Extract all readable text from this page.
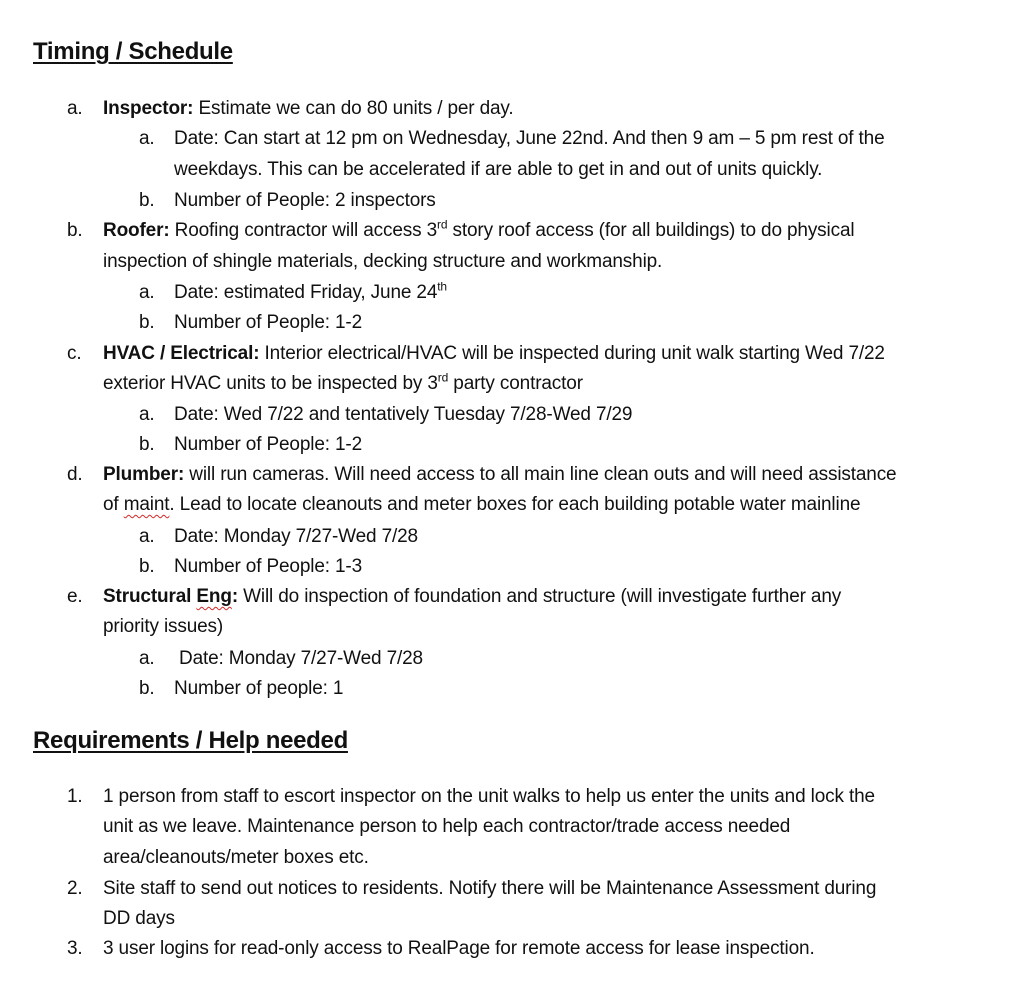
Timing / Schedule
a.	Inspector: Estimate we can do 80 units / per day.
a.	Date: Can start at 12 pm on Wednesday, June 22nd. And then 9 am – 5 pm rest of the
weekdays. This can be accelerated if are able to get in and out of units quickly.
b.	Number of People: 2 inspectors
b.	Roofer: Roofing contractor will access 3rd story roof access (for all buildings) to do physical
inspection of shingle materials, decking structure and workmanship.
a.	Date: estimated Friday, June 24th
b.	Number of People: 1-2
c.	HVAC / Electrical: Interior electrical/HVAC will be inspected during unit walk starting Wed 7/22
exterior HVAC units to be inspected by 3rd party contractor
a.	Date: Wed 7/22 and tentatively Tuesday 7/28-Wed 7/29
b.	Number of People: 1-2
d.	Plumber: will run cameras. Will need access to all main line clean outs and will need assistance
of maint. Lead to locate cleanouts and meter boxes for each building potable water mainline
a.	Date: Monday 7/27-Wed 7/28
b.	Number of People: 1-3
e.	Structural Eng: Will do inspection of foundation and structure (will investigate further any
priority issues)
a.	Date: Monday 7/27-Wed 7/28
b.	Number of people: 1
Requirements / Help needed
1.	1 person from staff to escort inspector on the unit walks to help us enter the units and lock the
unit as we leave. Maintenance person to help each contractor/trade access needed
area/cleanouts/meter boxes etc.
2.	Site staff to send out notices to residents. Notify there will be Maintenance Assessment during
DD days
3.	3 user logins for read-only access to RealPage for remote access for lease inspection.
